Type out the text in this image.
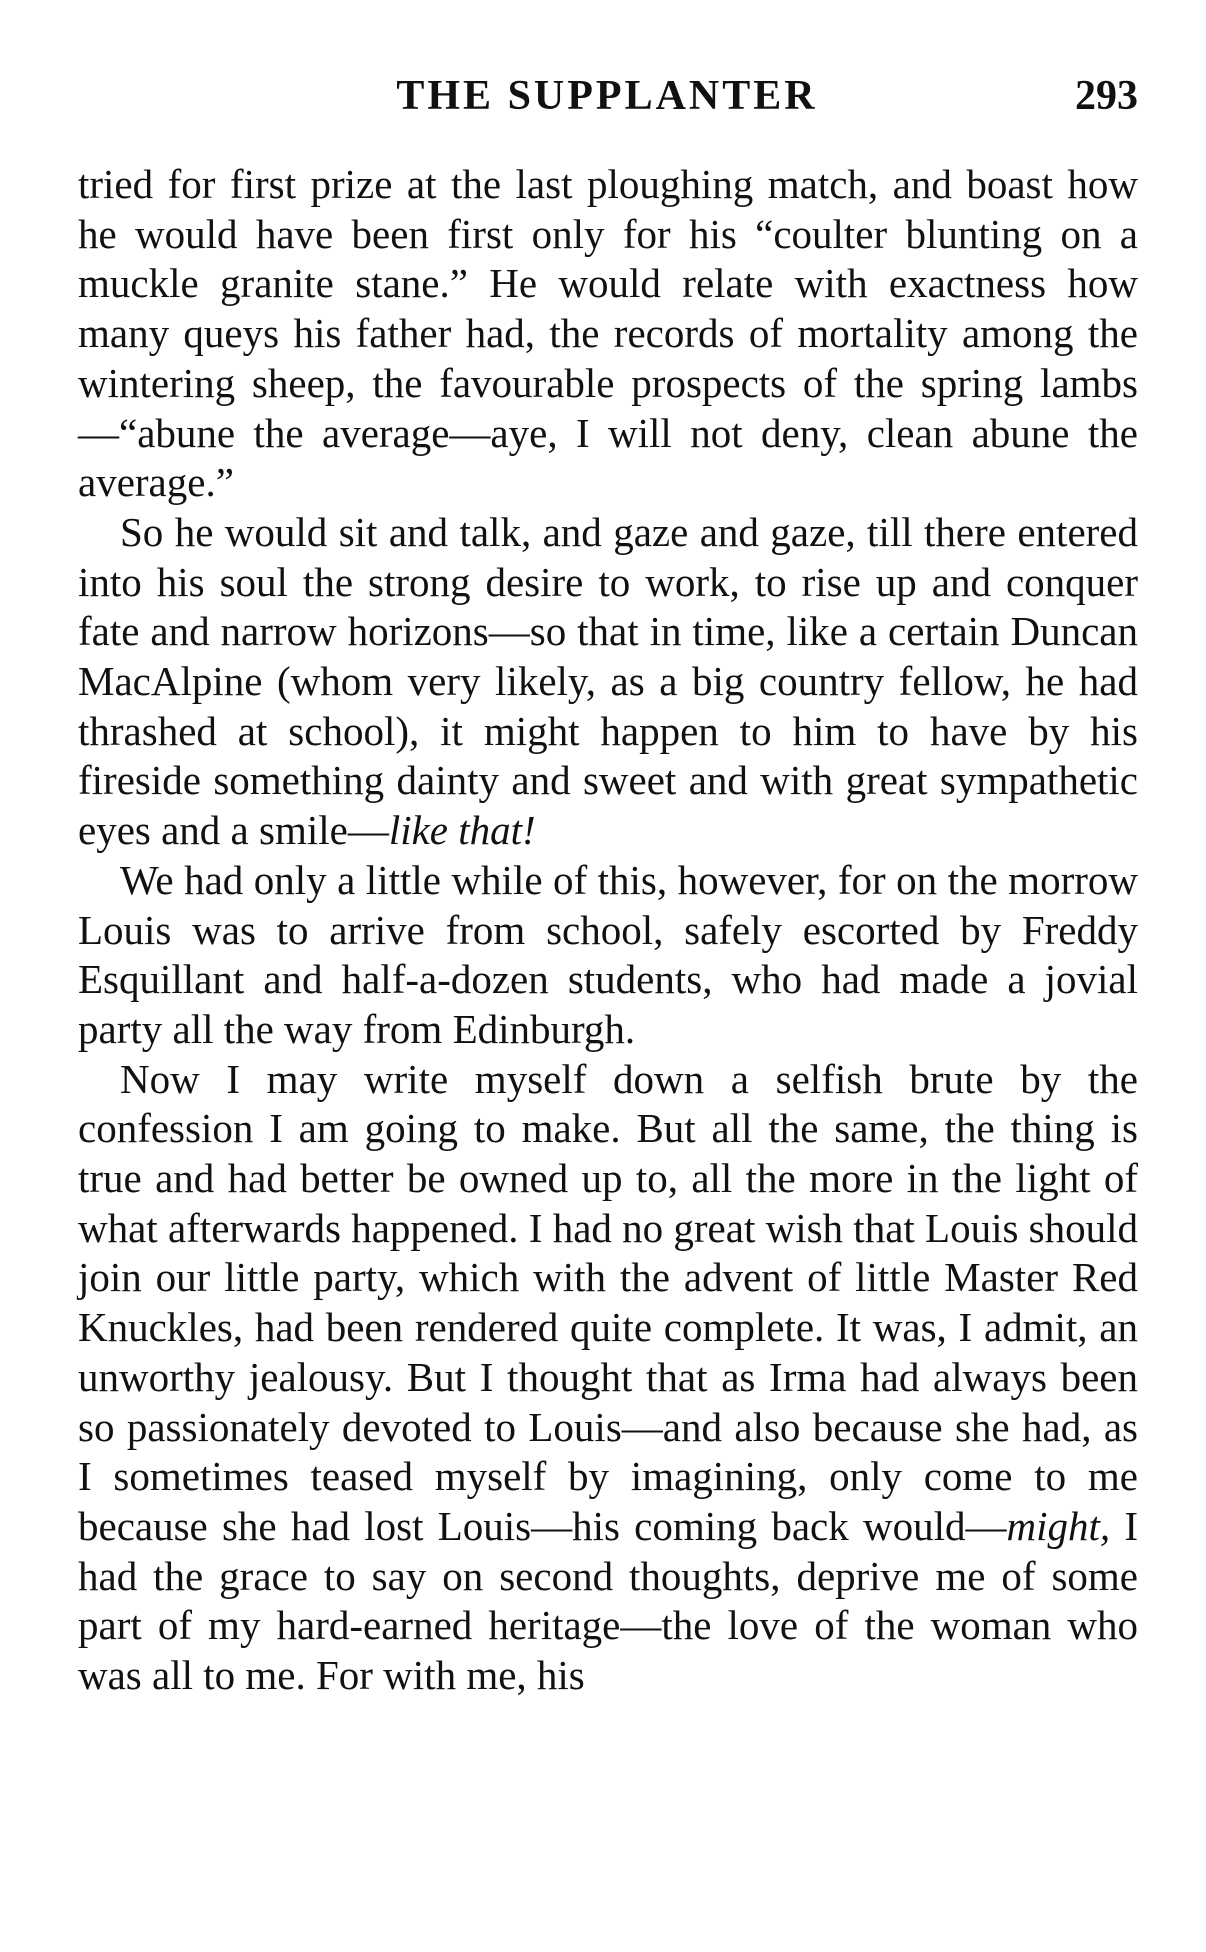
THE SUPPLANTER	293

tried for first prize at the last ploughing match, and boast how he would have been first only for his “coulter blunting on a muckle granite stane.” He would relate with exactness how many queys his father had, the records of mortality among the wintering sheep, the favourable prospects of the spring lambs —“abune the average—aye, I will not deny, clean abune the average.”

So he would sit and talk, and gaze and gaze, till there entered into his soul the strong desire to work, to rise up and conquer fate and narrow horizons—so that in time, like a certain Duncan MacAlpine (whom very likely, as a big country fellow, he had thrashed at school), it might happen to him to have by his fireside something dainty and sweet and with great sympathetic eyes and a smile—like that!

We had only a little while of this, however, for on the morrow Louis was to arrive from school, safely escorted by Freddy Esquillant and half-a-dozen students, who had made a jovial party all the way from Edinburgh.

Now I may write myself down a selfish brute by the confession I am going to make. But all the same, the thing is true and had better be owned up to, all the more in the light of what afterwards happened. I had no great wish that Louis should join our little party, which with the advent of little Master Red Knuckles, had been rendered quite complete. It was, I admit, an unworthy jealousy. But I thought that as Irma had always been so passionately devoted to Louis—and also because she had, as I sometimes teased myself by imagining, only come to me because she had lost Louis—his coming back would—might, I had the grace to say on second thoughts, deprive me of some part of my hard-earned heritage—the love of the woman who was all to me. For with me, his
